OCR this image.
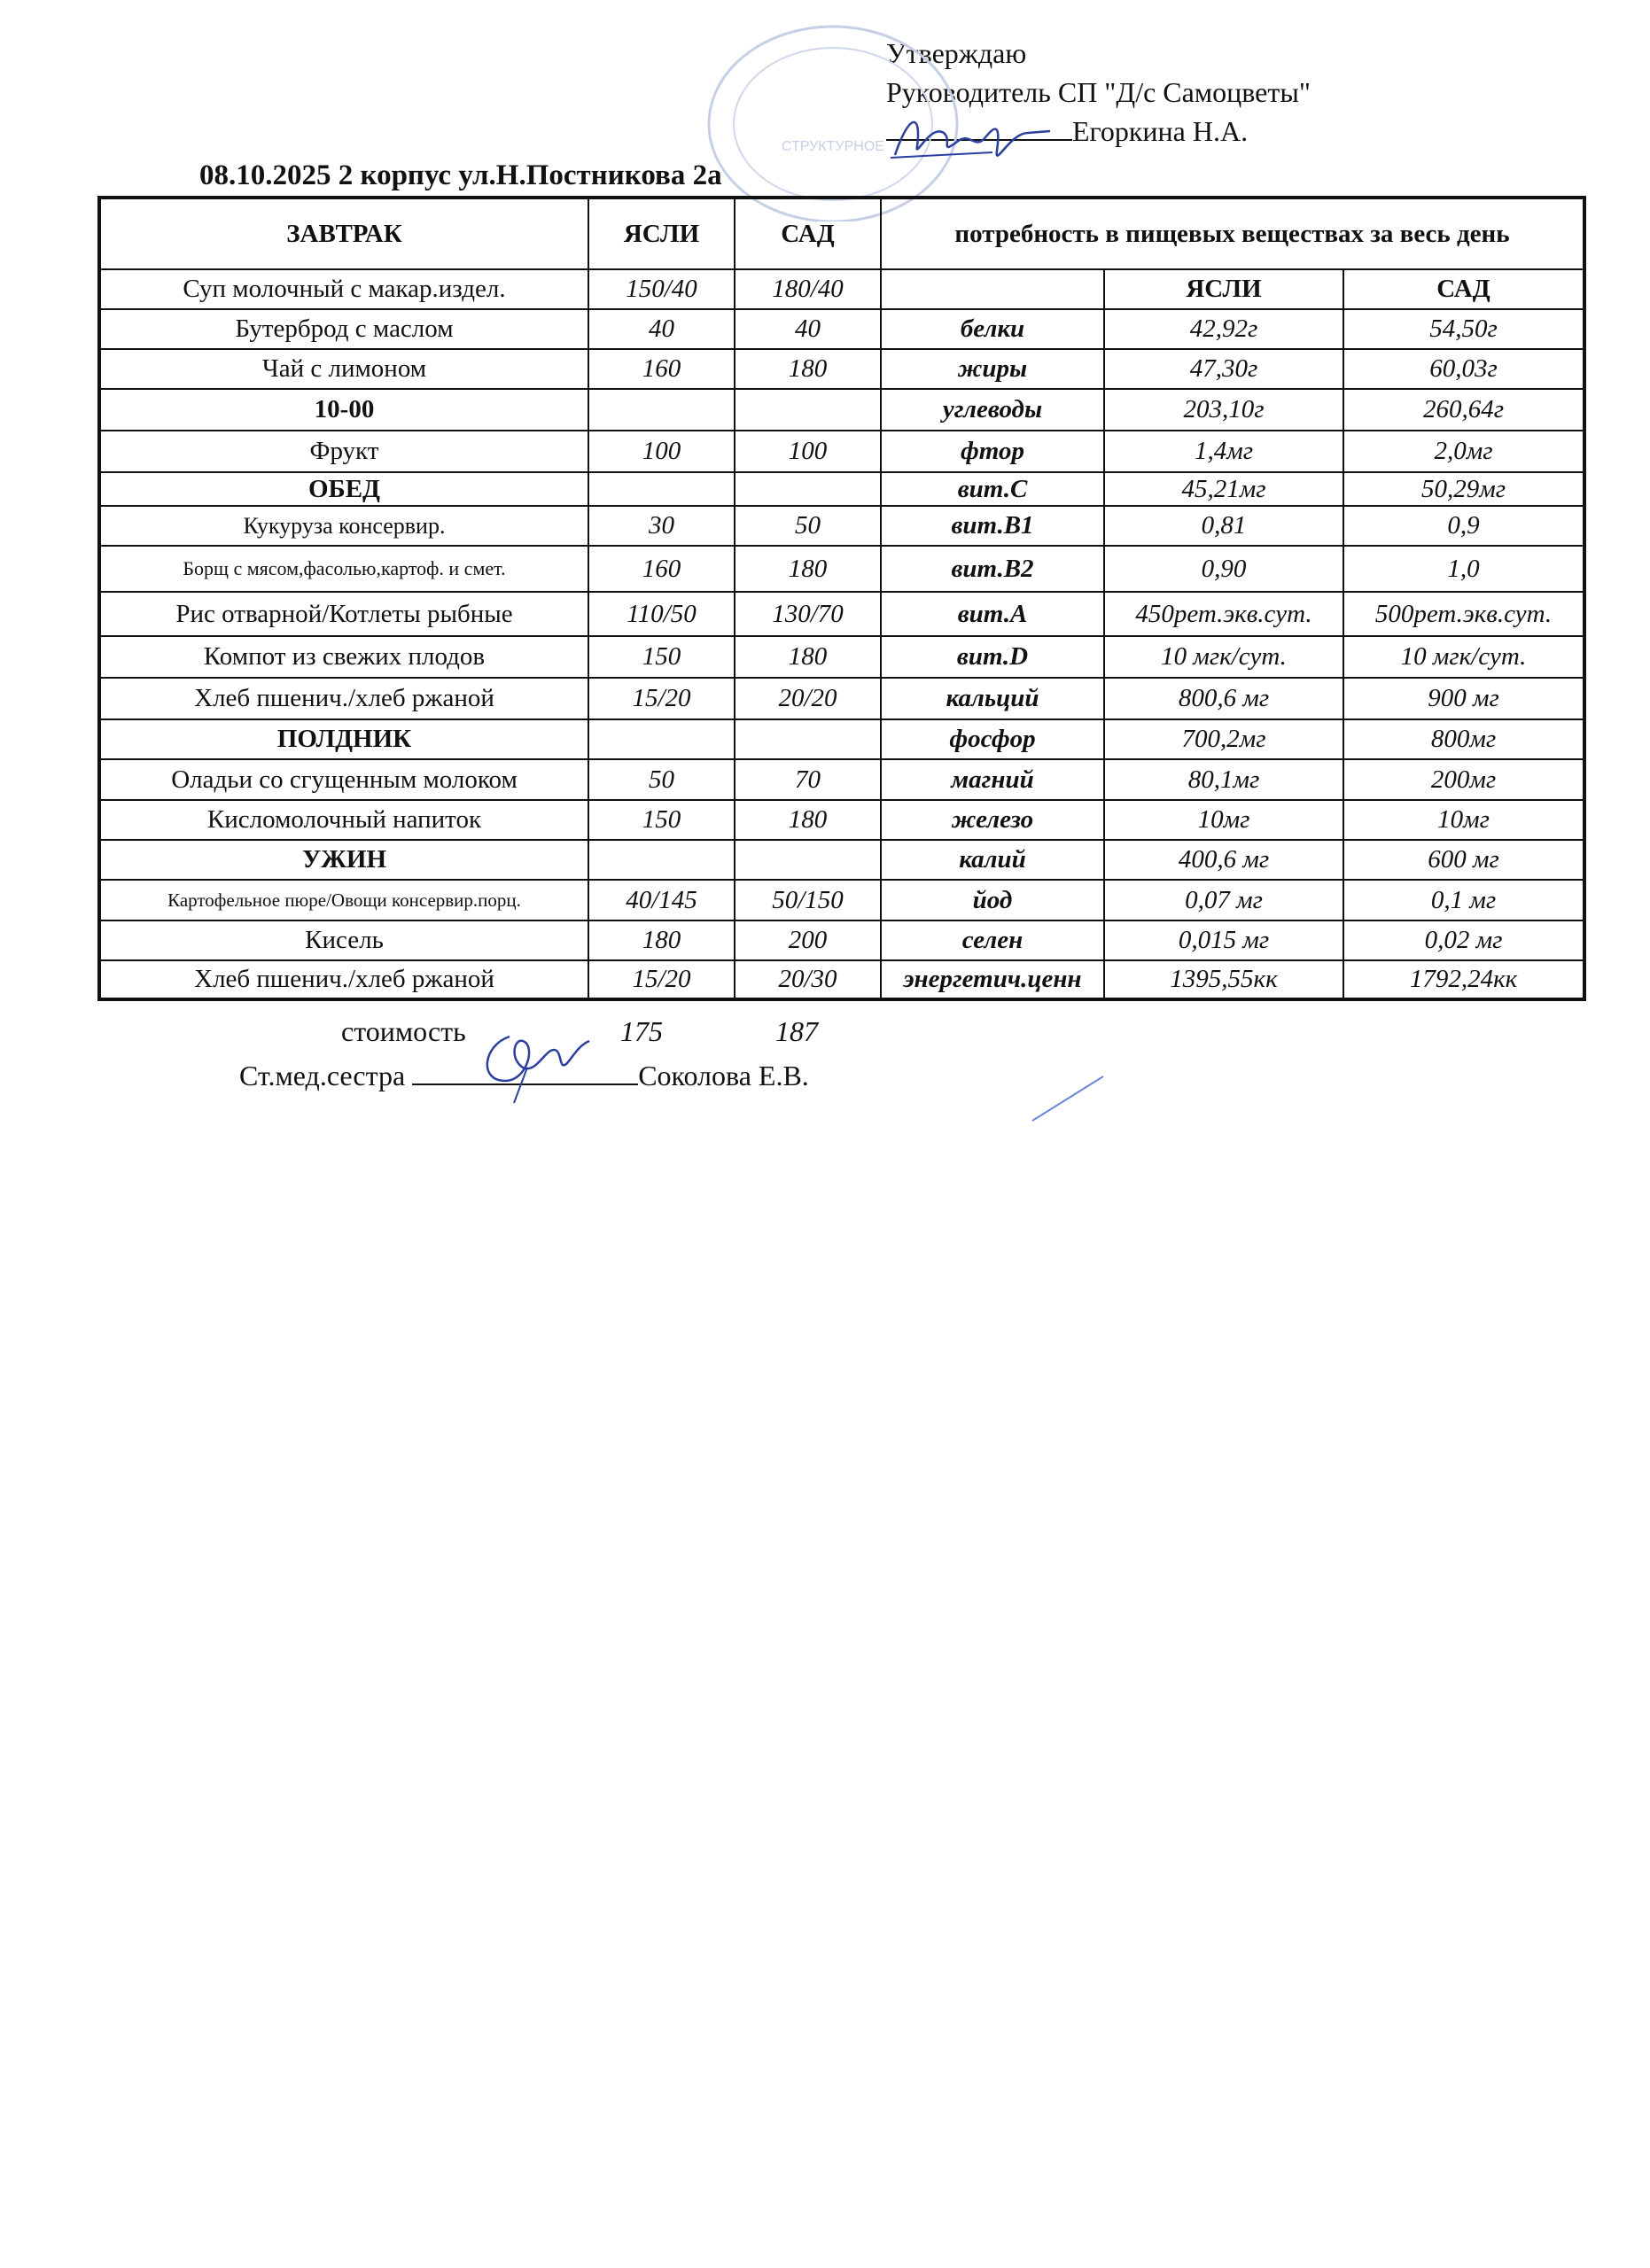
Утверждаю
Руководитель СП "Д/с Самоцветы"
Егоркина Н.А.
СТРУКТУРНОЕ
08.10.2025 2 корпус ул.Н.Постникова 2а
ЗАВТРАК	ЯСЛИ	САД	потребность в пищевых веществах за весь день		
Суп молочный с макар.издел.	150/40	180/40		ЯСЛИ	САД
Бутерброд с маслом	40	40	белки	42,92г	54,50г
Чай с лимоном	160	180	жиры	47,30г	60,03г
10-00			углеводы	203,10г	260,64г
Фрукт	100	100	фтор	1,4мг	2,0мг
ОБЕД			вит.С	45,21мг	50,29мг
Кукуруза консервир.	30	50	вит.В1	0,81	0,9
Борщ с мясом,фасолью,картоф. и смет.	160	180	вит.В2	0,90	1,0
Рис отварной/Котлеты рыбные	110/50	130/70	вит.А	450рет.экв.сут.	500рет.экв.сут.
Компот из свежих плодов	150	180	вит.D	10 мгк/сут.	10 мгк/сут.
Хлеб пшенич./хлеб ржаной	15/20	20/20	кальций	800,6 мг	900 мг
ПОЛДНИК			фосфор	700,2мг	800мг
Оладьи со сгущенным молоком	50	70	магний	80,1мг	200мг
Кисломолочный напиток	150	180	железо	10мг	10мг
УЖИН			калий	400,6 мг	600 мг
Картофельное пюре/Овощи консервир.порц.	40/145	50/150	йод	0,07 мг	0,1 мг
Кисель	180	200	селен	0,015 мг	0,02 мг
Хлеб пшенич./хлеб ржаной	15/20	20/30	энергетич.ценн	1395,55кк	1792,24кк
стоимость	175	187
Ст.мед.сестра	Соколова Е.В.
